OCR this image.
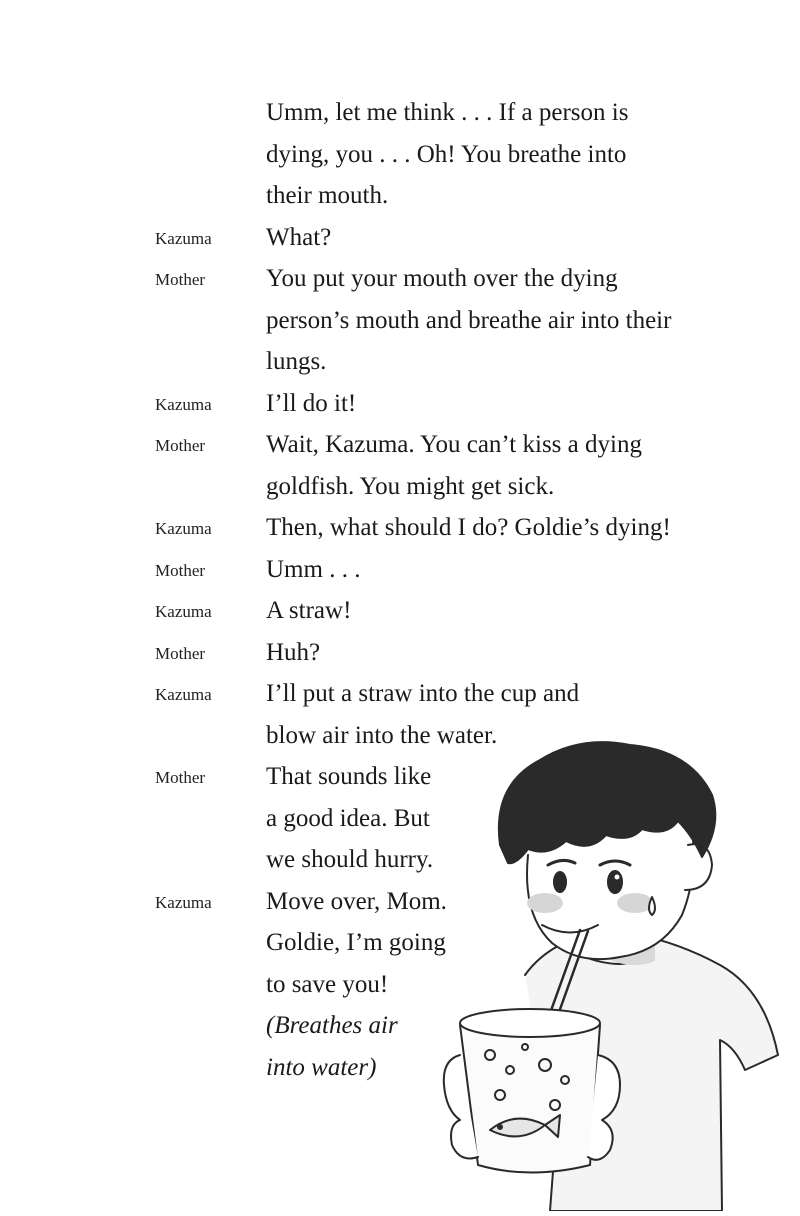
Umm, let me think . . . If a person is
dying, you . . . Oh! You breathe into
their mouth.
Kazuma What?
Mother You put your mouth over the dying
person’s mouth and breathe air into their
lungs.
Kazuma I’ll do it!
Mother Wait, Kazuma. You can’t kiss a dying
goldfish. You might get sick.
Kazuma Then, what should I do? Goldie’s dying!
Mother Umm . . .
Kazuma A straw!
Mother Huh?
Kazuma I’ll put a straw into the cup and
blow air into the water.
Mother That sounds like
a good idea. But
we should hurry.
Kazuma Move over, Mom.
Goldie, I’m going
to save you!
(Breathes air
into water)
